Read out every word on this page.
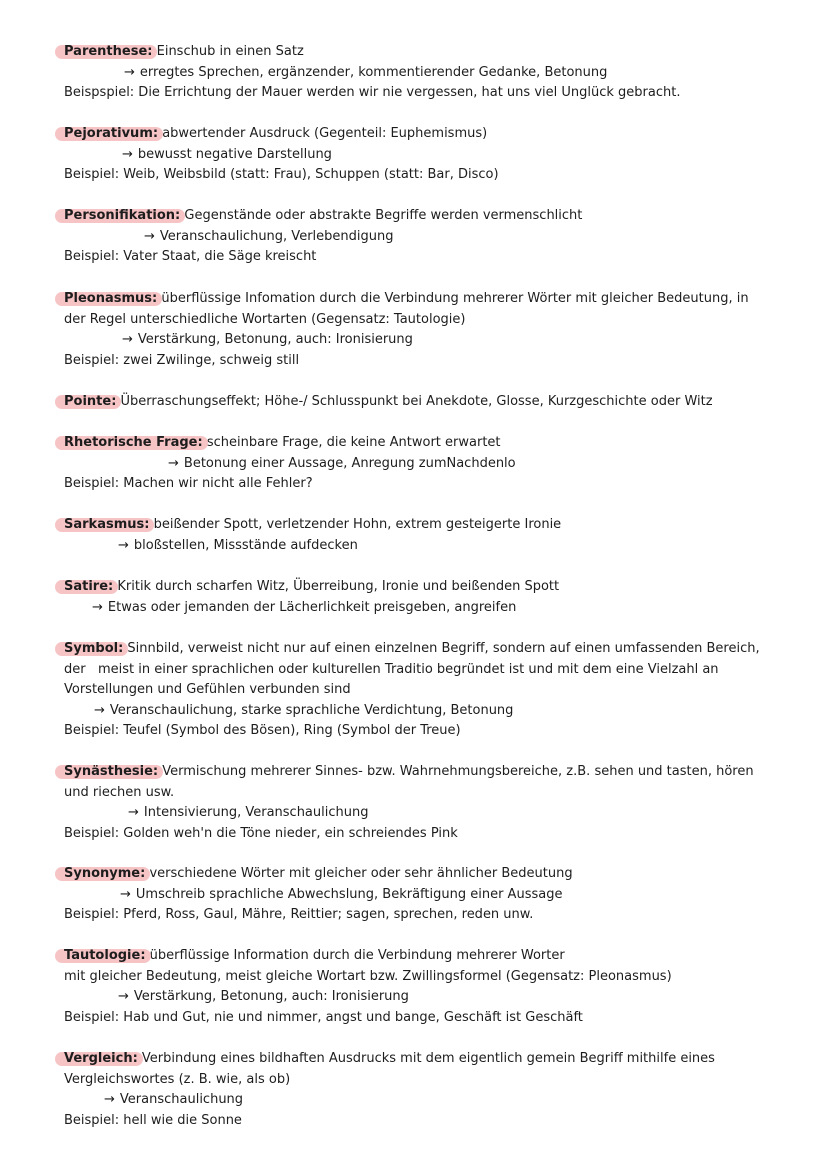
Parenthese: Einschub in einen Satz
→ erregtes Sprechen, ergänzender, kommentierender Gedanke, Betonung
Beispspiel: Die Errichtung der Mauer werden wir nie vergessen, hat uns viel Unglück gebracht.
Pejorativum: abwertender Ausdruck (Gegenteil: Euphemismus)
→ bewusst negative Darstellung
Beispiel: Weib, Weibsbild (statt: Frau), Schuppen (statt: Bar, Disco)
Personifikation: Gegenstände oder abstrakte Begriffe werden vermenschlicht
→ Veranschaulichung, Verlebendigung
Beispiel: Vater Staat, die Säge kreischt
Pleonasmus: überflüssige Infomation durch die Verbindung mehrerer Wörter mit gleicher Bedeutung, in
der Regel unterschiedliche Wortarten (Gegensatz: Tautologie)
→ Verstärkung, Betonung, auch: Ironisierung
Beispiel: zwei Zwilinge, schweig still
Pointe: Überraschungseffekt; Höhe-/ Schlusspunkt bei Anekdote, Glosse, Kurzgeschichte oder Witz
Rhetorische Frage: scheinbare Frage, die keine Antwort erwartet
→ Betonung einer Aussage, Anregung zumNachdenlo
Beispiel: Machen wir nicht alle Fehler?
Sarkasmus: beißender Spott, verletzender Hohn, extrem gesteigerte Ironie
→ bloßstellen, Missstände aufdecken
Satire: Kritik durch scharfen Witz, Überreibung, Ironie und beißenden Spott
→ Etwas oder jemanden der Lächerlichkeit preisgeben, angreifen
Symbol: Sinnbild, verweist nicht nur auf einen einzelnen Begriff, sondern auf einen umfassenden Bereich,
der   meist in einer sprachlichen oder kulturellen Traditio begründet ist und mit dem eine Vielzahl an
Vorstellungen und Gefühlen verbunden sind
→ Veranschaulichung, starke sprachliche Verdichtung, Betonung
Beispiel: Teufel (Symbol des Bösen), Ring (Symbol der Treue)
Synästhesie: Vermischung mehrerer Sinnes- bzw. Wahrnehmungsbereiche, z.B. sehen und tasten, hören
und riechen usw.
→ Intensivierung, Veranschaulichung
Beispiel: Golden weh'n die Töne nieder, ein schreiendes Pink
Synonyme: verschiedene Wörter mit gleicher oder sehr ähnlicher Bedeutung
→ Umschreib sprachliche Abwechslung, Bekräftigung einer Aussage
Beispiel: Pferd, Ross, Gaul, Mähre, Reittier; sagen, sprechen, reden unw.
Tautologie: überflüssige Information durch die Verbindung mehrerer Worter
mit gleicher Bedeutung, meist gleiche Wortart bzw. Zwillingsformel (Gegensatz: Pleonasmus)
→ Verstärkung, Betonung, auch: Ironisierung
Beispiel: Hab und Gut, nie und nimmer, angst und bange, Geschäft ist Geschäft
Vergleich: Verbindung eines bildhaften Ausdrucks mit dem eigentlich gemein Begriff mithilfe eines
Vergleichswortes (z. B. wie, als ob)
→ Veranschaulichung
Beispiel: hell wie die Sonne
